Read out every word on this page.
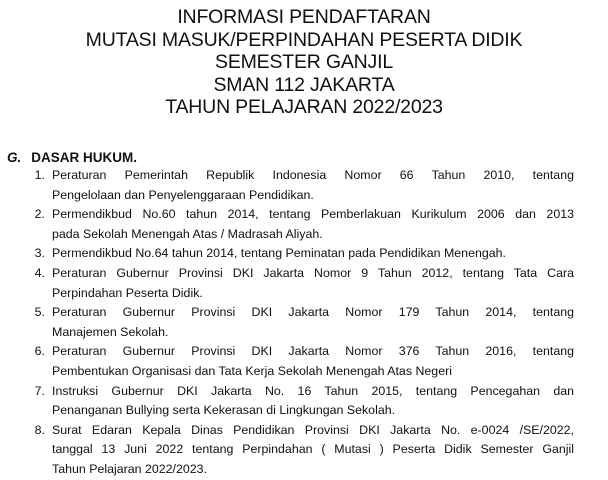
INFORMASI PENDAFTARAN
MUTASI MASUK/PERPINDAHAN PESERTA DIDIK
SEMESTER GANJIL
SMAN 112 JAKARTA
TAHUN PELAJARAN 2022/2023
G. DASAR HUKUM.
1. Peraturan Pemerintah Republik Indonesia Nomor 66 Tahun 2010, tentang
Pengelolaan dan Penyelenggaraan Pendidikan.
2. Permendikbud No.60 tahun 2014, tentang Pemberlakuan Kurikulum 2006 dan 2013
pada Sekolah Menengah Atas / Madrasah Aliyah.
3. Permendikbud No.64 tahun 2014, tentang Peminatan pada Pendidikan Menengah.
4. Peraturan Gubernur Provinsi DKI Jakarta Nomor 9 Tahun 2012, tentang Tata Cara
Perpindahan Peserta Didik.
5. Peraturan Gubernur Provinsi DKI Jakarta Nomor 179 Tahun 2014, tentang
Manajemen Sekolah.
6. Peraturan Gubernur Provinsi DKI Jakarta Nomor 376 Tahun 2016, tentang
Pembentukan Organisasi dan Tata Kerja Sekolah Menengah Atas Negeri
7. Instruksi Gubernur DKI Jakarta No. 16 Tahun 2015, tentang Pencegahan dan
Penanganan Bullying serta Kekerasan di Lingkungan Sekolah.
8. Surat Edaran Kepala Dinas Pendidikan Provinsi DKI Jakarta No. e-0024 /SE/2022,
tanggal 13 Juni 2022 tentang Perpindahan ( Mutasi ) Peserta Didik Semester Ganjil
Tahun Pelajaran 2022/2023.
